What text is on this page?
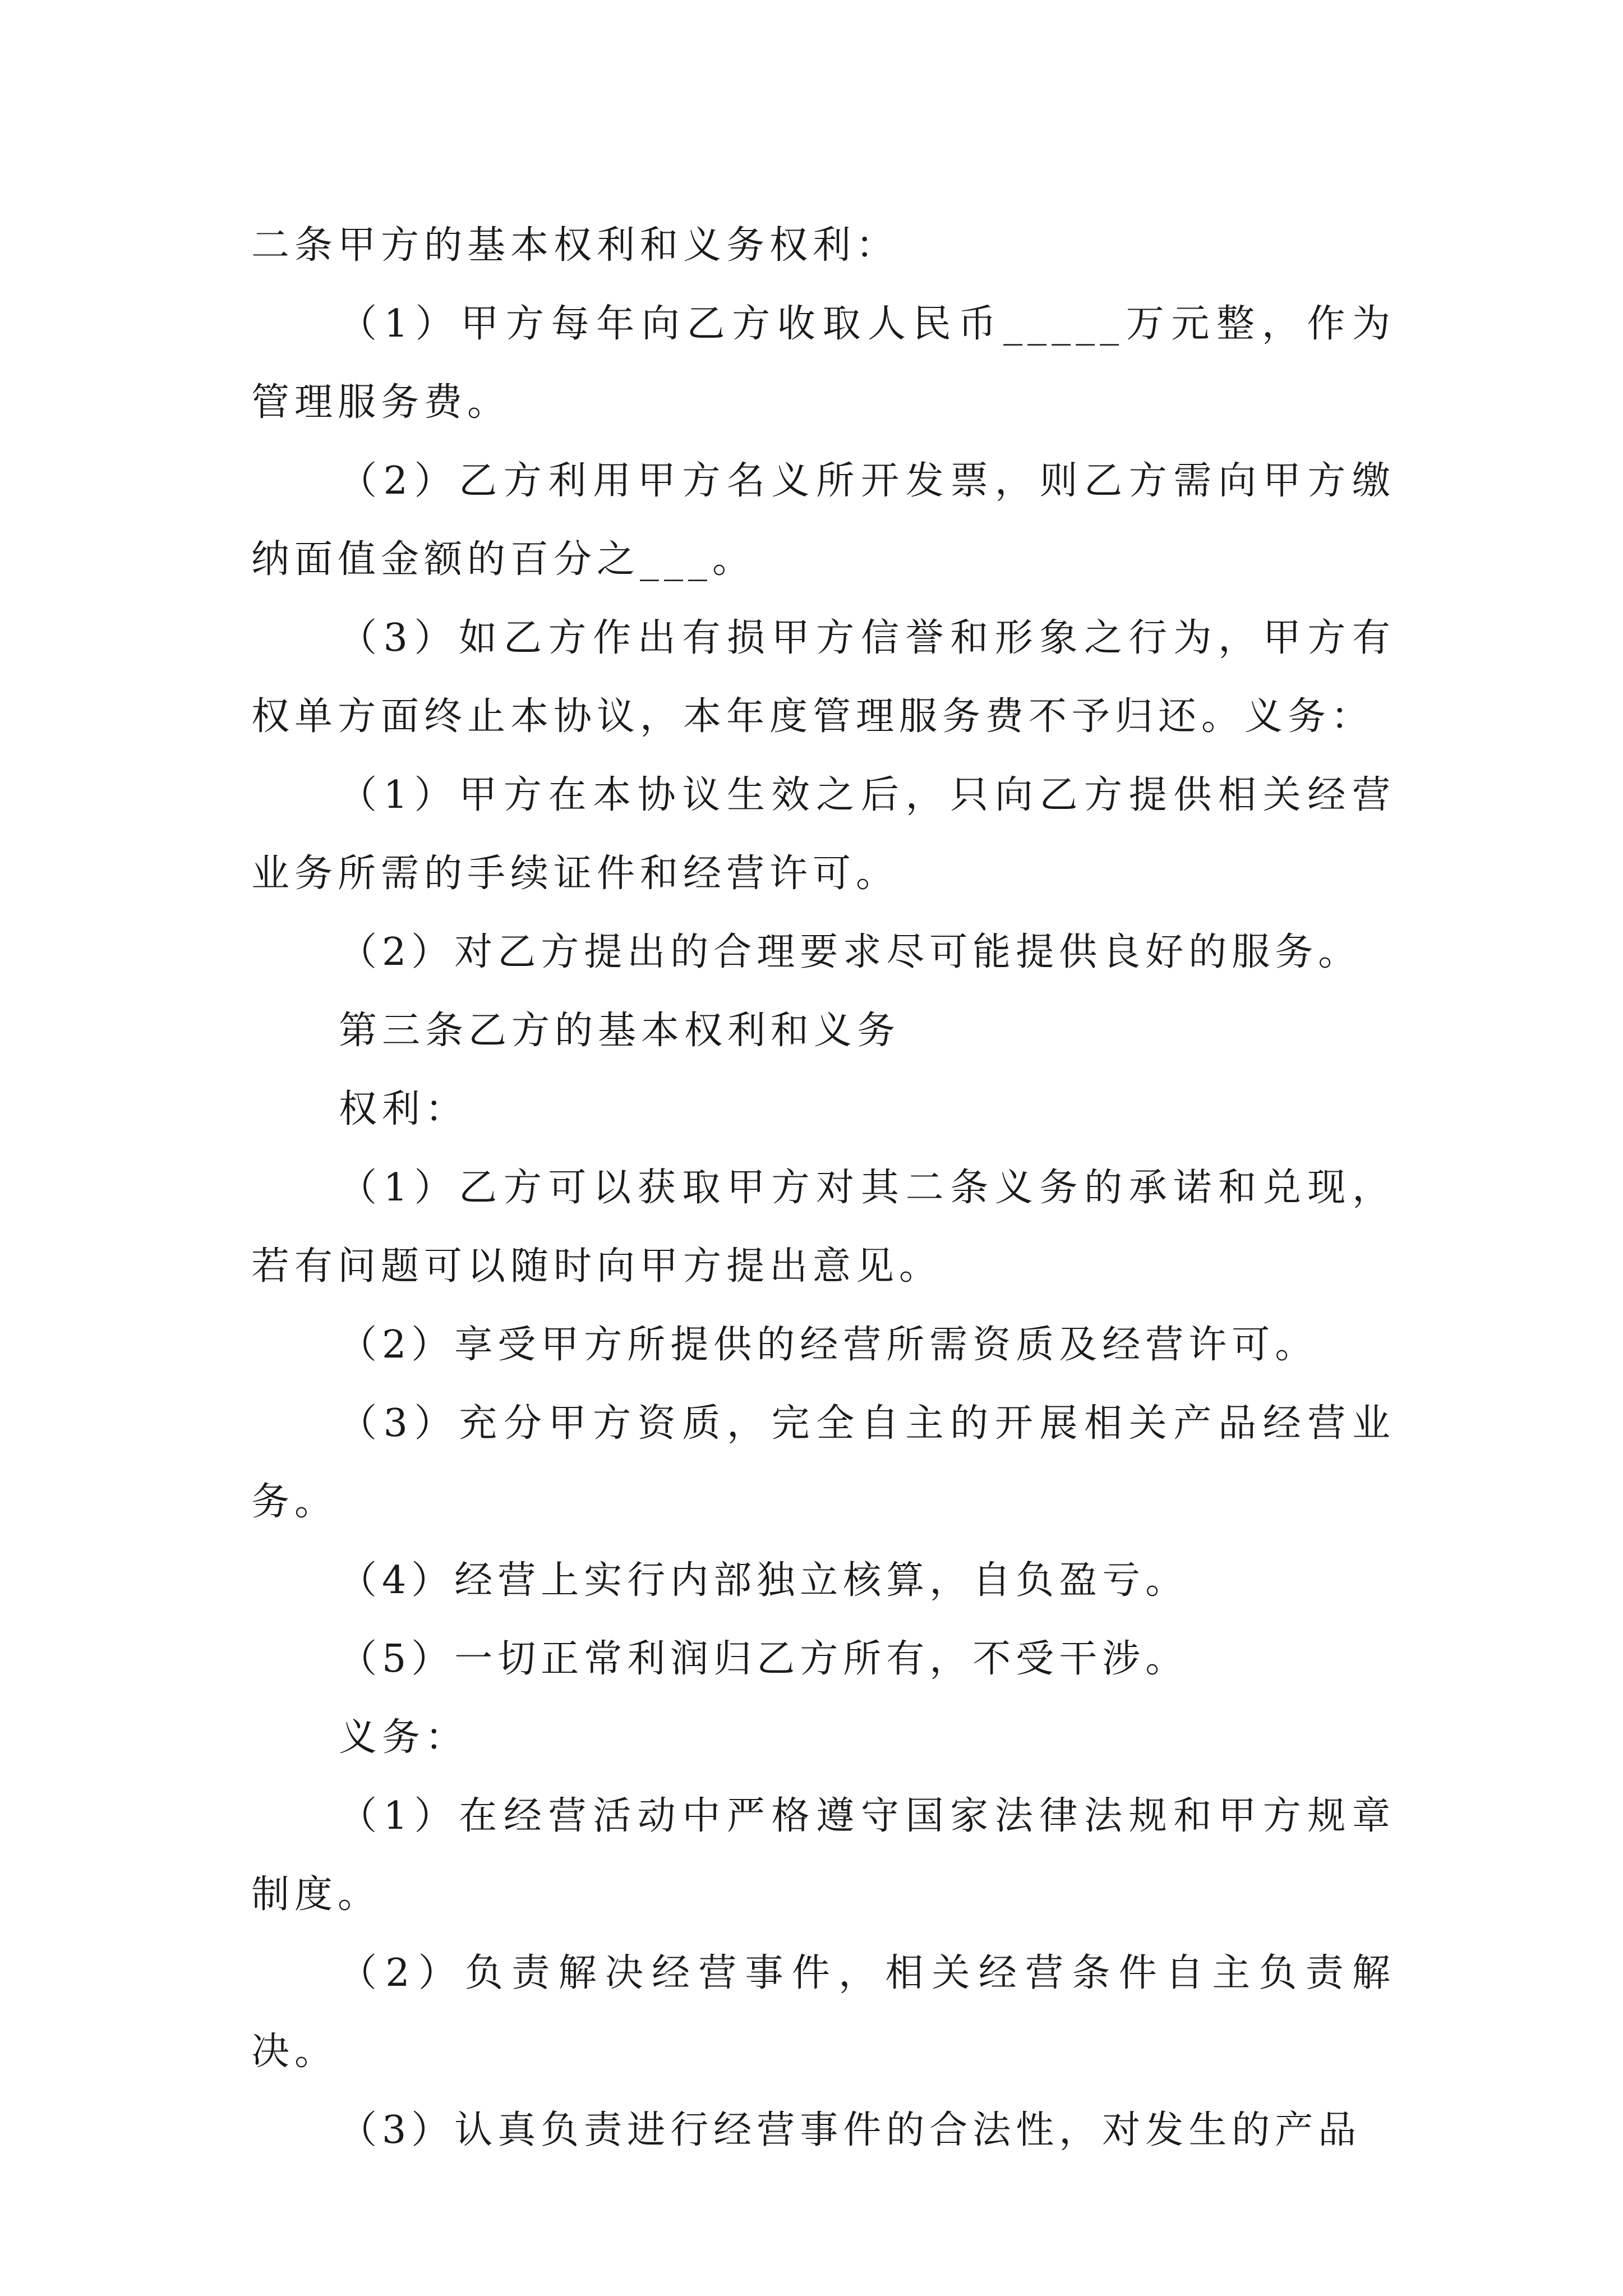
二条甲方的基本权利和义务权利：

（1）甲方每年向乙方收取人民币_____万元整，作为管理服务费。

（2）乙方利用甲方名义所开发票，则乙方需向甲方缴纳面值金额的百分之___。

（3）如乙方作出有损甲方信誉和形象之行为，甲方有权单方面终止本协议，本年度管理服务费不予归还。义务：

（1）甲方在本协议生效之后，只向乙方提供相关经营业务所需的手续证件和经营许可。

（2）对乙方提出的合理要求尽可能提供良好的服务。

第三条乙方的基本权利和义务

权利：

（1）乙方可以获取甲方对其二条义务的承诺和兑现，若有问题可以随时向甲方提出意见。

（2）享受甲方所提供的经营所需资质及经营许可。

（3）充分甲方资质，完全自主的开展相关产品经营业务。

（4）经营上实行内部独立核算，自负盈亏。

（5）一切正常利润归乙方所有，不受干涉。

义务：

（1）在经营活动中严格遵守国家法律法规和甲方规章制度。

（2）负责解决经营事件，相关经营条件自主负责解决。

（3）认真负责进行经营事件的合法性，对发生的产品
